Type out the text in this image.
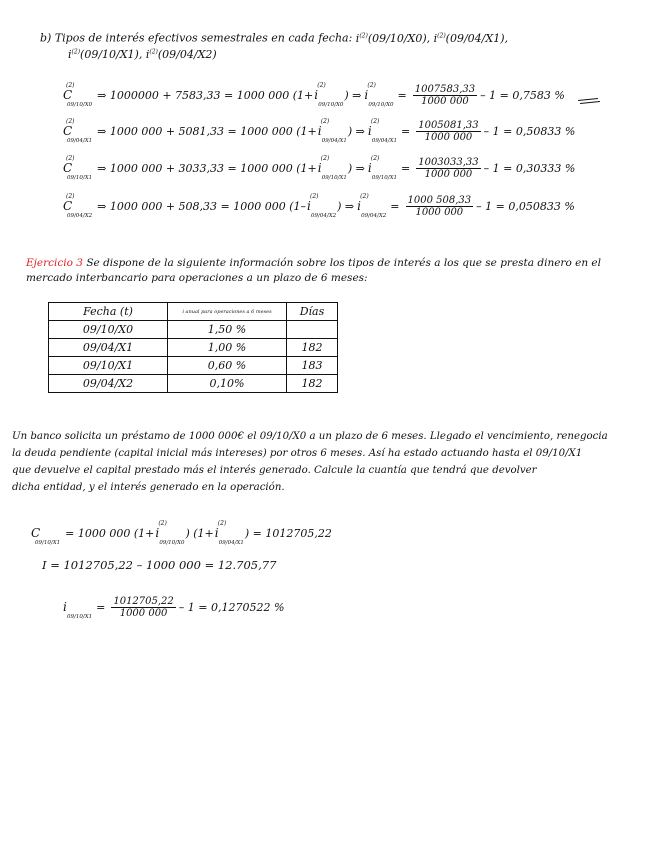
b) Tipos de interés efectivos semestrales en cada fecha: $i^{(2)}(09/10/X0)$, $i^{(2)}(09/04/X1)$,
$i^{(2)}(09/10/X1)$, $i^{(2)}(09/04/X2)$
(2)
C
09/10/X0
⇒ 1000000 + 7583,33 = 1000 000 (1+
(2)
i
09/10/X0
) ⇒
(2)
i
09/10/X0
= $\frac{1007583,33}{1000 000} - 1 = 0,7583$ %
(2)
C
09/04/X1
⇒ 1000 000 + 5081,33 = 1000 000 (1+
(2)
i
09/04/X1
) ⇒
(2)
i
09/04/X1
= $\frac{1005081,33}{1000 000} - 1 = 0,50833$ %
(2)
C
09/10/X1
⇒ 1000 000 + 3033,33 = 1000 000 (1+
(2)
i
09/10/X1
) ⇒
(2)
i
09/10/X1
= $\frac{1003033,33}{1000 000} - 1 = 0,30333$ %
(2)
C
09/04/X2
⇒ 1000 000 + 508,33 = 1000 000 (1–
(2)
i
09/04/X2
) ⇒
(2)
i
09/04/X2
= $\frac{1000 508,33}{1000 000} - 1 = 0,050833$ %
Ejercicio 3 Se dispone de la siguiente información sobre los tipos de interés a los que se presta dinero en el
mercado interbancario para operaciones a un plazo de 6 meses:
Fecha (t)	i anual para operaciones a 6 meses	Días
09/10/X0	1,50 %	
09/04/X1	1,00 %	182
09/10/X1	0,60 %	183
09/04/X2	0,10%	182
Un banco solicita un préstamo de 1000 000€ el 09/10/X0 a un plazo de 6 meses. Llegado el vencimiento, renegocia
la deuda pendiente (capital inicial más intereses) por otros 6 meses. Así ha estado actuando hasta el 09/10/X1
que devuelve el capital prestado más el interés generado. Calcule la cuantía que tendrá que devolver
dicha entidad, y el interés generado en la operación.

C
09/10/X1
= 1000 000 (1+
(2)
i
09/10/X0
) (1+
(2)
i
09/04/X1
) = 1012705,22
I = 1012705,22 – 1000 000 = 12.705,77

i
09/10/X1
= $\frac{1012705,22}{1000 000} - 1 = 0,1270522$ %
